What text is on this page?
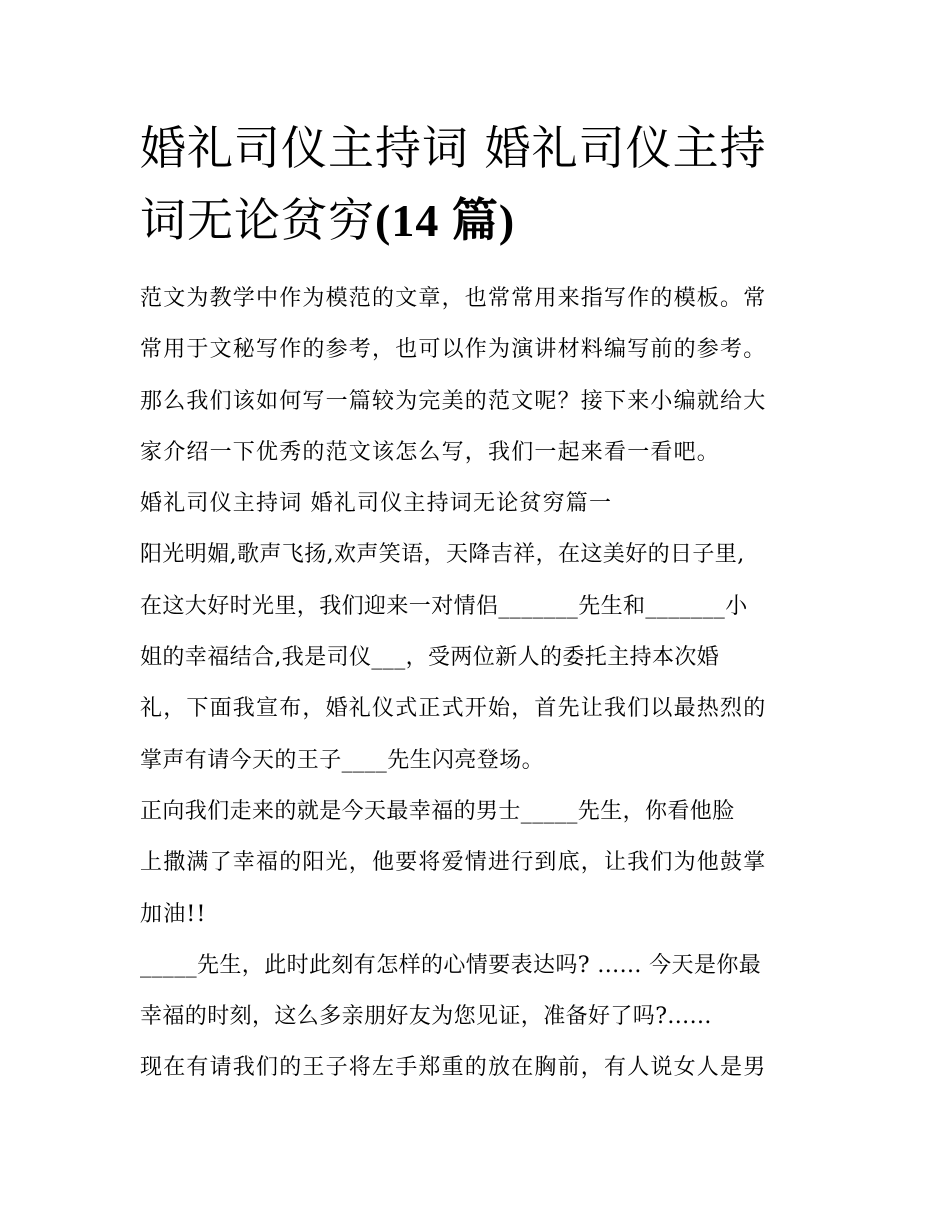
婚礼司仪主持词 婚礼司仪主持
词无论贫穷(14 篇)
范文为教学中作为模范的文章，也常常用来指写作的模板。常
常用于文秘写作的参考，也可以作为演讲材料编写前的参考。
那么我们该如何写一篇较为完美的范文呢？接下来小编就给大
家介绍一下优秀的范文该怎么写，我们一起来看一看吧。
婚礼司仪主持词 婚礼司仪主持词无论贫穷篇一
阳光明媚,歌声飞扬,欢声笑语，天降吉祥，在这美好的日子里,
在这大好时光里，我们迎来一对情侣_______先生和_______小
姐的幸福结合,我是司仪___，受两位新人的委托主持本次婚
礼，下面我宣布，婚礼仪式正式开始，首先让我们以最热烈的
掌声有请今天的王子____先生闪亮登场。
正向我们走来的就是今天最幸福的男士_____先生，你看他脸
上撒满了幸福的阳光，他要将爱情进行到底，让我们为他鼓掌
加油!!
_____先生，此时此刻有怎样的心情要表达吗? ...... 今天是你最
幸福的时刻，这么多亲朋好友为您见证，准备好了吗?......
现在有请我们的王子将左手郑重的放在胸前，有人说女人是男
